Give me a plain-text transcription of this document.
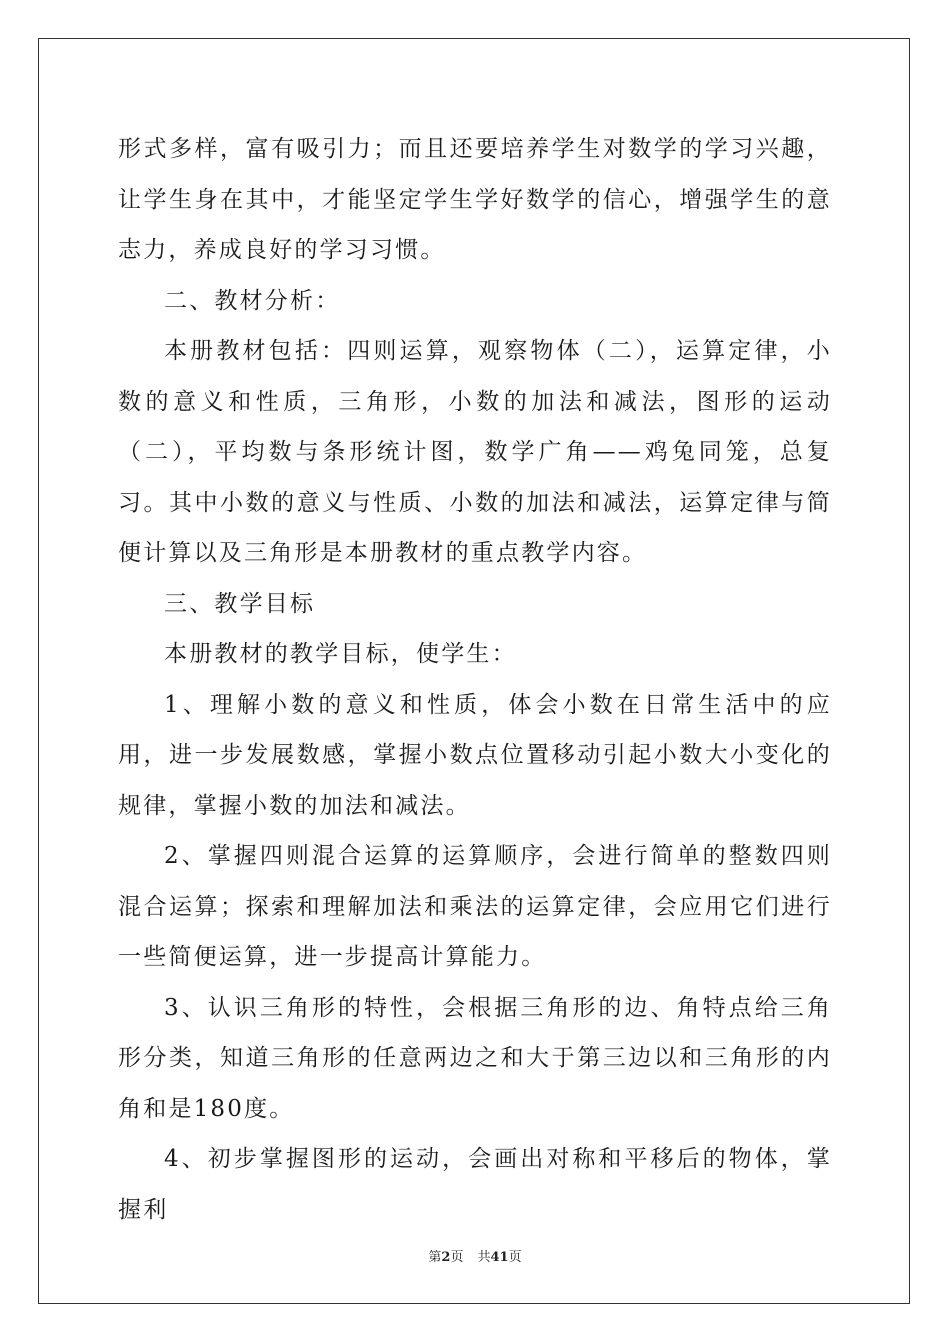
形式多样，富有吸引力；而且还要培养学生对数学的学习兴趣，让学生身在其中，才能坚定学生学好数学的信心，增强学生的意志力，养成良好的学习习惯。

二、教材分析：

本册教材包括：四则运算，观察物体（二），运算定律，小数的意义和性质，三角形，小数的加法和减法，图形的运动（二），平均数与条形统计图，数学广角——鸡兔同笼，总复习。其中小数的意义与性质、小数的加法和减法，运算定律与简便计算以及三角形是本册教材的重点教学内容。

三、教学目标

本册教材的教学目标，使学生：

1、理解小数的意义和性质，体会小数在日常生活中的应用，进一步发展数感，掌握小数点位置移动引起小数大小变化的规律，掌握小数的加法和减法。

2、掌握四则混合运算的运算顺序，会进行简单的整数四则混合运算；探索和理解加法和乘法的运算定律，会应用它们进行一些简便运算，进一步提高计算能力。

3、认识三角形的特性，会根据三角形的边、角特点给三角形分类，知道三角形的任意两边之和大于第三边以和三角形的内角和是180度。

4、初步掌握图形的运动，会画出对称和平移后的物体，掌握利

第2页 共41页
